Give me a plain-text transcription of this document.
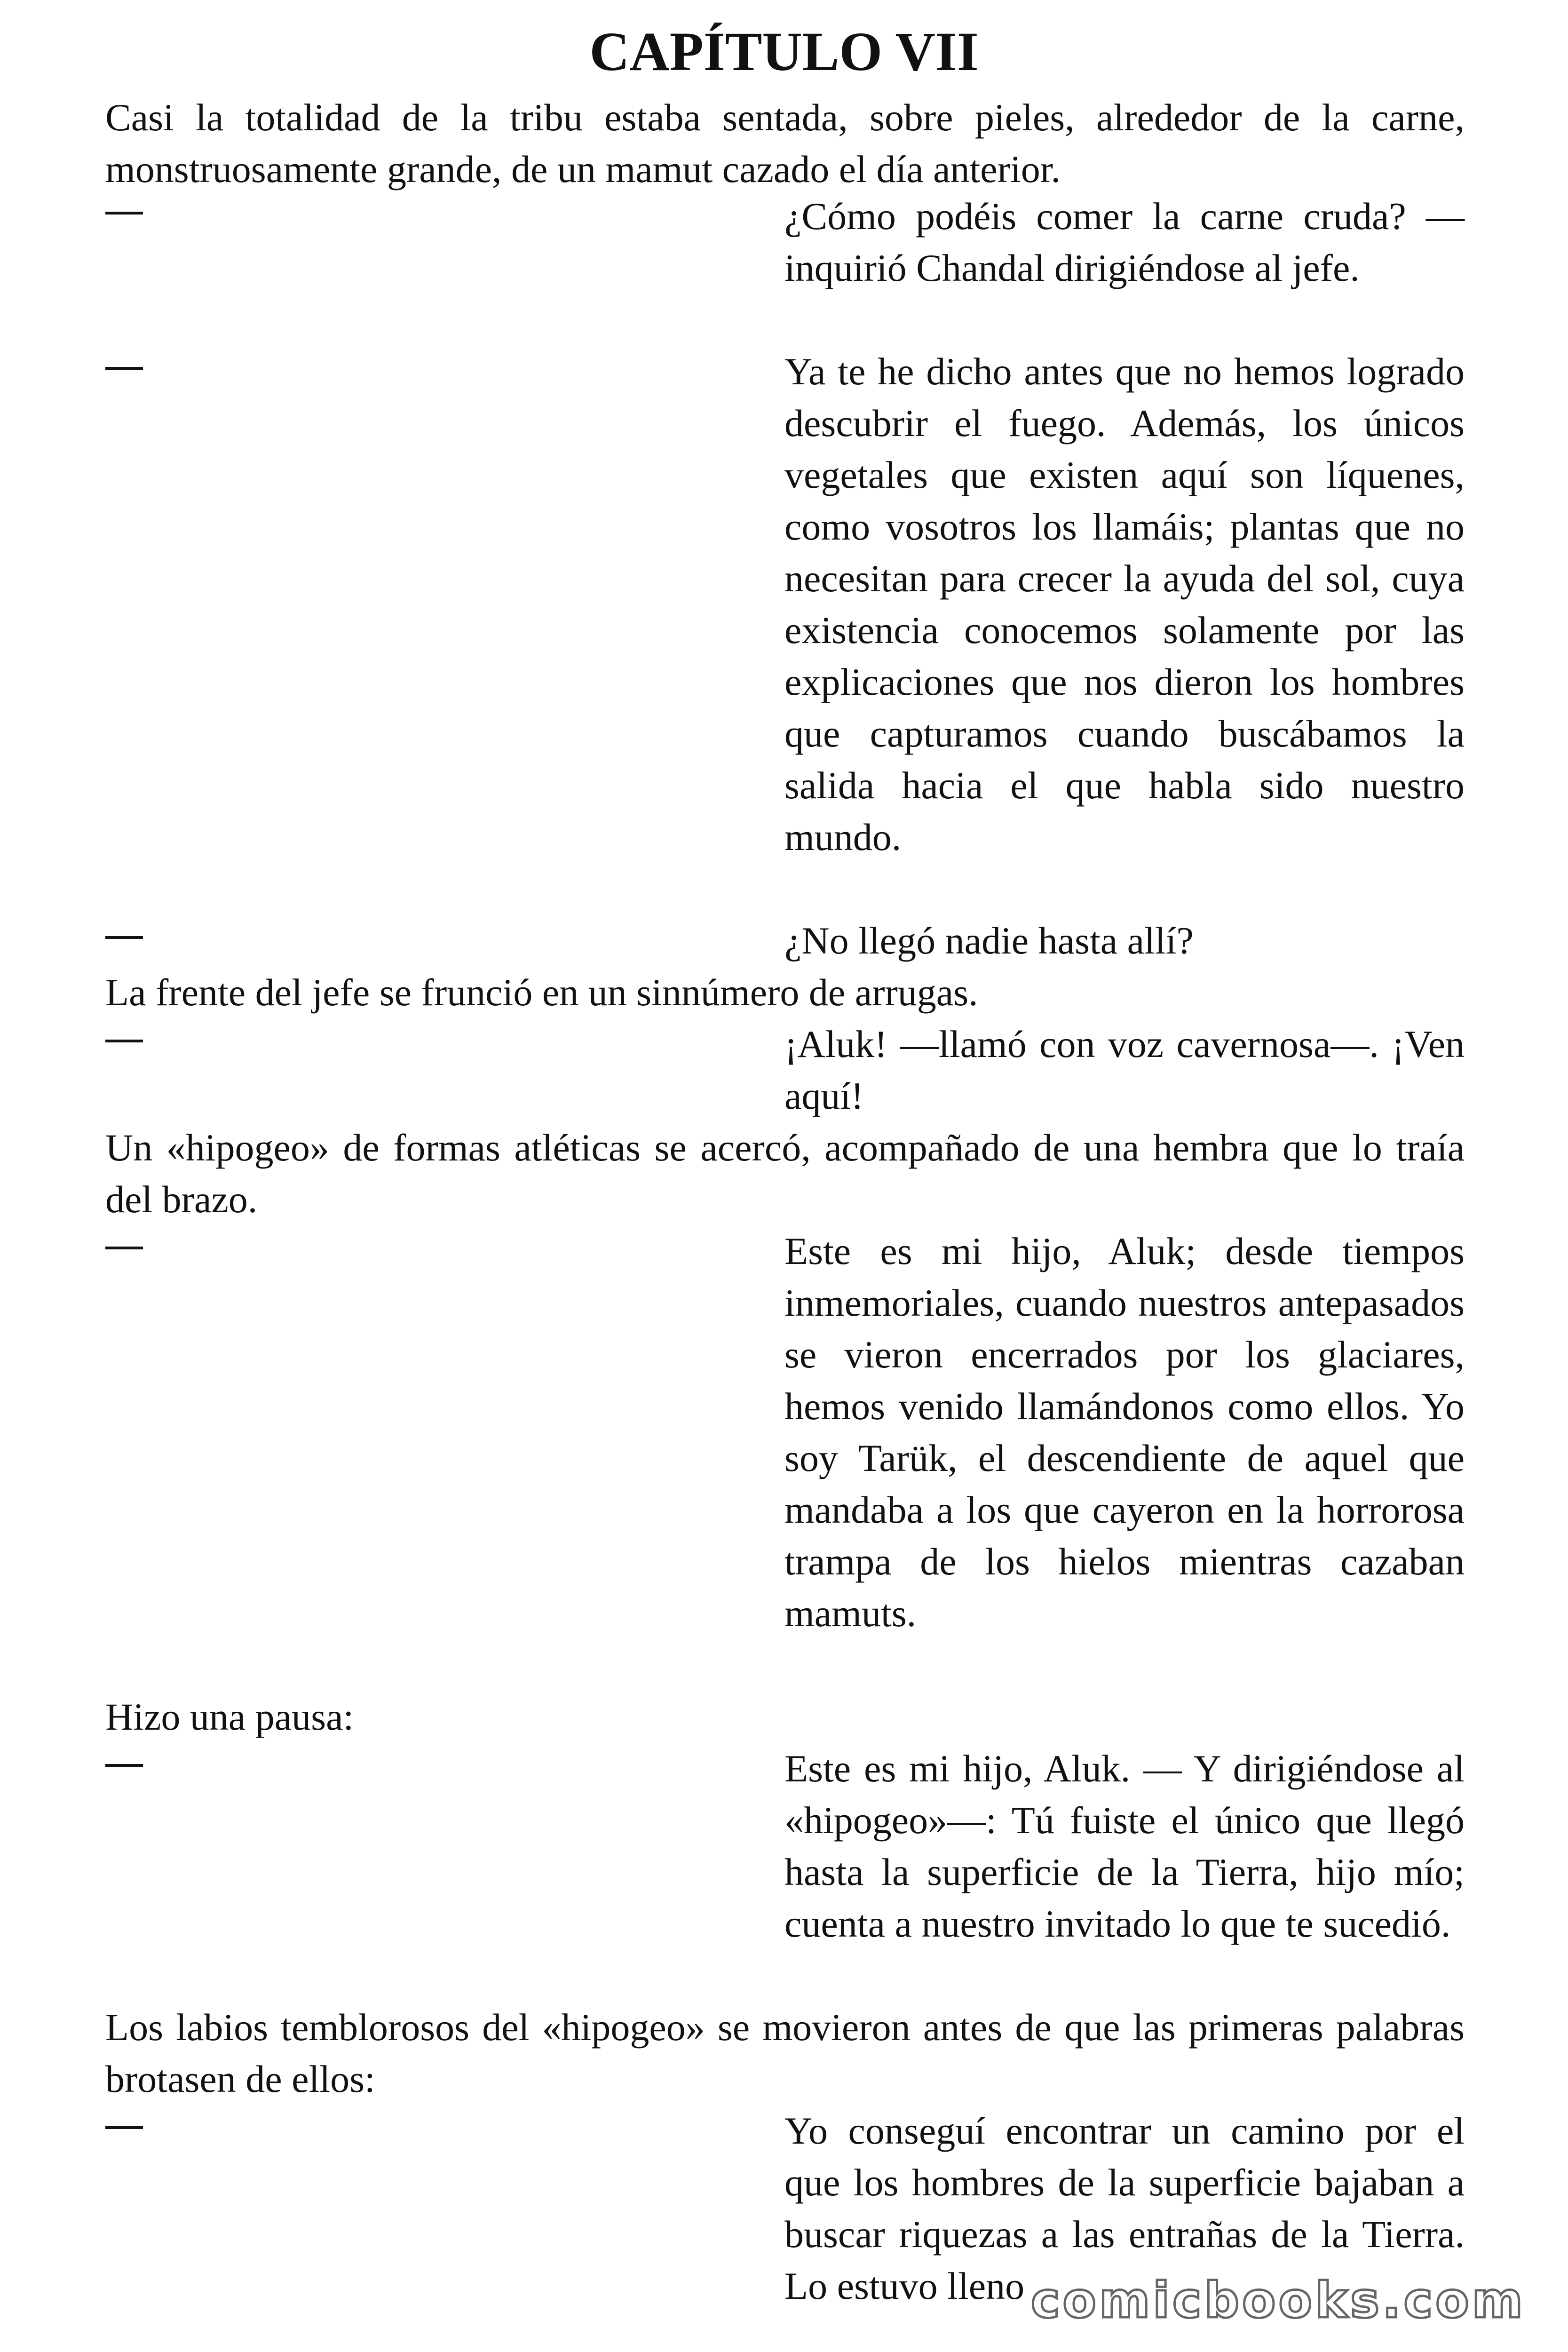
CAPÍTULO VII

Casi la totalidad de la tribu estaba sentada, sobre pieles, alrededor de la carne, monstruosamente grande, de un mamut cazado el día anterior.

¿Cómo podéis comer la carne cruda? —inquirió Chandal dirigiéndose al jefe.

Ya te he dicho antes que no hemos logrado descubrir el fuego. Además, los únicos vegetales que existen aquí son líquenes, como vosotros los llamáis; plantas que no necesitan para crecer la ayuda del sol, cuya existencia conocemos solamente por las explicaciones que nos dieron los hombres que capturamos cuando buscábamos la salida hacia el que habla sido nuestro mundo.

¿No llegó nadie hasta allí?

La frente del jefe se frunció en un sinnúmero de arrugas.

¡Aluk! —llamó con voz cavernosa—. ¡Ven aquí!

Un «hipogeo» de formas atléticas se acercó, acompañado de una hembra que lo traía del brazo.

Este es mi hijo, Aluk; desde tiempos inmemoriales, cuando nuestros antepasados se vieron encerrados por los glaciares, hemos venido llamándonos como ellos. Yo soy Tarük, el descendiente de aquel que mandaba a los que cayeron en la horrorosa trampa de los hielos mientras cazaban mamuts.

Hizo una pausa:

Este es mi hijo, Aluk. — Y dirigiéndose al «hipogeo»—: Tú fuiste el único que llegó hasta la superficie de la Tierra, hijo mío; cuenta a nuestro invitado lo que te sucedió.

Los labios temblorosos del «hipogeo» se movieron antes de que las primeras palabras brotasen de ellos:

Yo conseguí encontrar un camino por el que los hombres de la superficie bajaban a buscar riquezas a las entrañas de la Tierra. Lo estuvo lleno comicbooks.com
